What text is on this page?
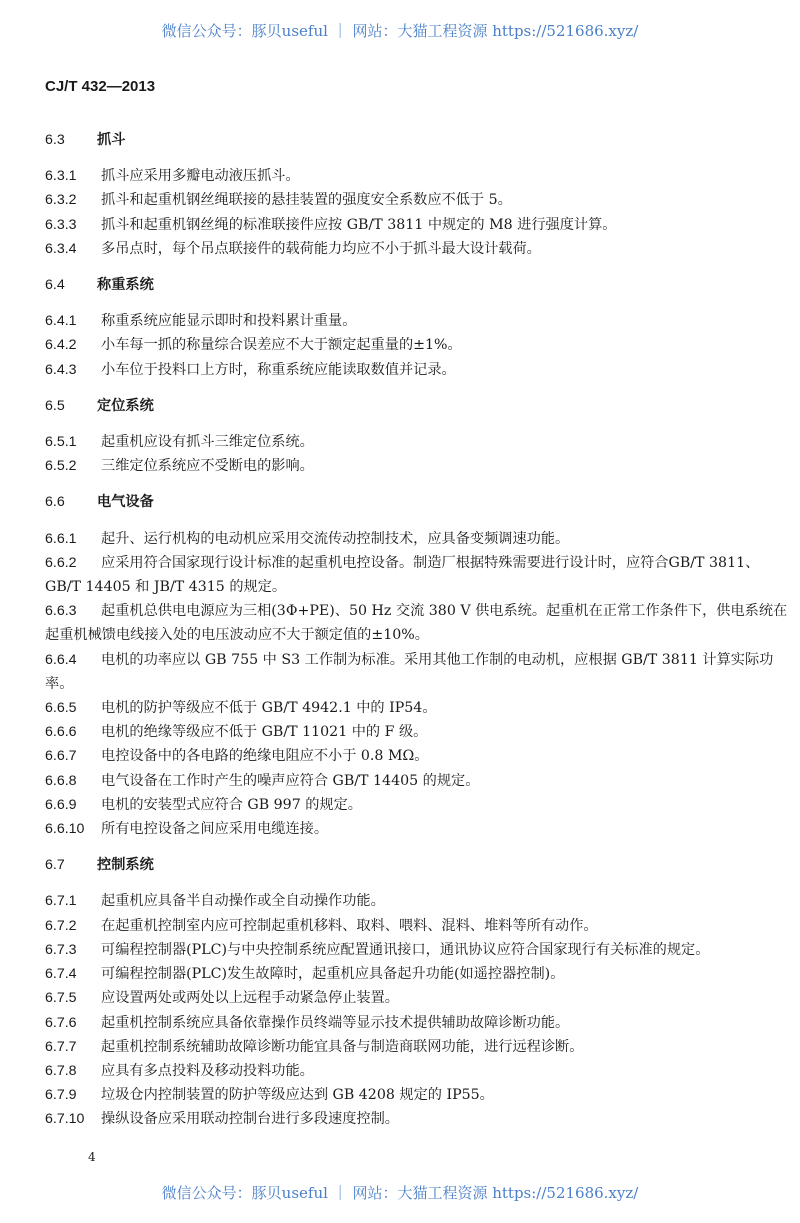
微信公众号：豚贝useful ｜ 网站：大猫工程资源 https://521686.xyz/
CJ/T 432—2013
6.3 抓斗
6.3.1 抓斗应采用多瓣电动液压抓斗。
6.3.2 抓斗和起重机钢丝绳联接的悬挂装置的强度安全系数应不低于 5。
6.3.3 抓斗和起重机钢丝绳的标准联接件应按 GB/T 3811 中规定的 M8 进行强度计算。
6.3.4 多吊点时，每个吊点联接件的载荷能力均应不小于抓斗最大设计载荷。
6.4 称重系统
6.4.1 称重系统应能显示即时和投料累计重量。
6.4.2 小车每一抓的称量综合误差应不大于额定起重量的±1%。
6.4.3 小车位于投料口上方时，称重系统应能读取数值并记录。
6.5 定位系统
6.5.1 起重机应设有抓斗三维定位系统。
6.5.2 三维定位系统应不受断电的影响。
6.6 电气设备
6.6.1 起升、运行机构的电动机应采用交流传动控制技术，应具备变频调速功能。
6.6.2 应采用符合国家现行设计标准的起重机电控设备。制造厂根据特殊需要进行设计时，应符合GB/T 3811、GB/T 14405 和 JB/T 4315 的规定。
6.6.3 起重机总供电电源应为三相(3Φ+PE)、50 Hz 交流 380 V 供电系统。起重机在正常工作条件下，供电系统在起重机械馈电线接入处的电压波动应不大于额定值的±10%。
6.6.4 电机的功率应以 GB 755 中 S3 工作制为标准。采用其他工作制的电动机，应根据 GB/T 3811 计算实际功率。
6.6.5 电机的防护等级应不低于 GB/T 4942.1 中的 IP54。
6.6.6 电机的绝缘等级应不低于 GB/T 11021 中的 F 级。
6.6.7 电控设备中的各电路的绝缘电阻应不小于 0.8 MΩ。
6.6.8 电气设备在工作时产生的噪声应符合 GB/T 14405 的规定。
6.6.9 电机的安装型式应符合 GB 997 的规定。
6.6.10 所有电控设备之间应采用电缆连接。
6.7 控制系统
6.7.1 起重机应具备半自动操作或全自动操作功能。
6.7.2 在起重机控制室内应可控制起重机移料、取料、喂料、混料、堆料等所有动作。
6.7.3 可编程控制器(PLC)与中央控制系统应配置通讯接口，通讯协议应符合国家现行有关标准的规定。
6.7.4 可编程控制器(PLC)发生故障时，起重机应具备起升功能(如遥控器控制)。
6.7.5 应设置两处或两处以上远程手动紧急停止装置。
6.7.6 起重机控制系统应具备依靠操作员终端等显示技术提供辅助故障诊断功能。
6.7.7 起重机控制系统辅助故障诊断功能宜具备与制造商联网功能，进行远程诊断。
6.7.8 应具有多点投料及移动投料功能。
6.7.9 垃圾仓内控制装置的防护等级应达到 GB 4208 规定的 IP55。
6.7.10 操纵设备应采用联动控制台进行多段速度控制。
4
微信公众号：豚贝useful ｜ 网站：大猫工程资源 https://521686.xyz/
